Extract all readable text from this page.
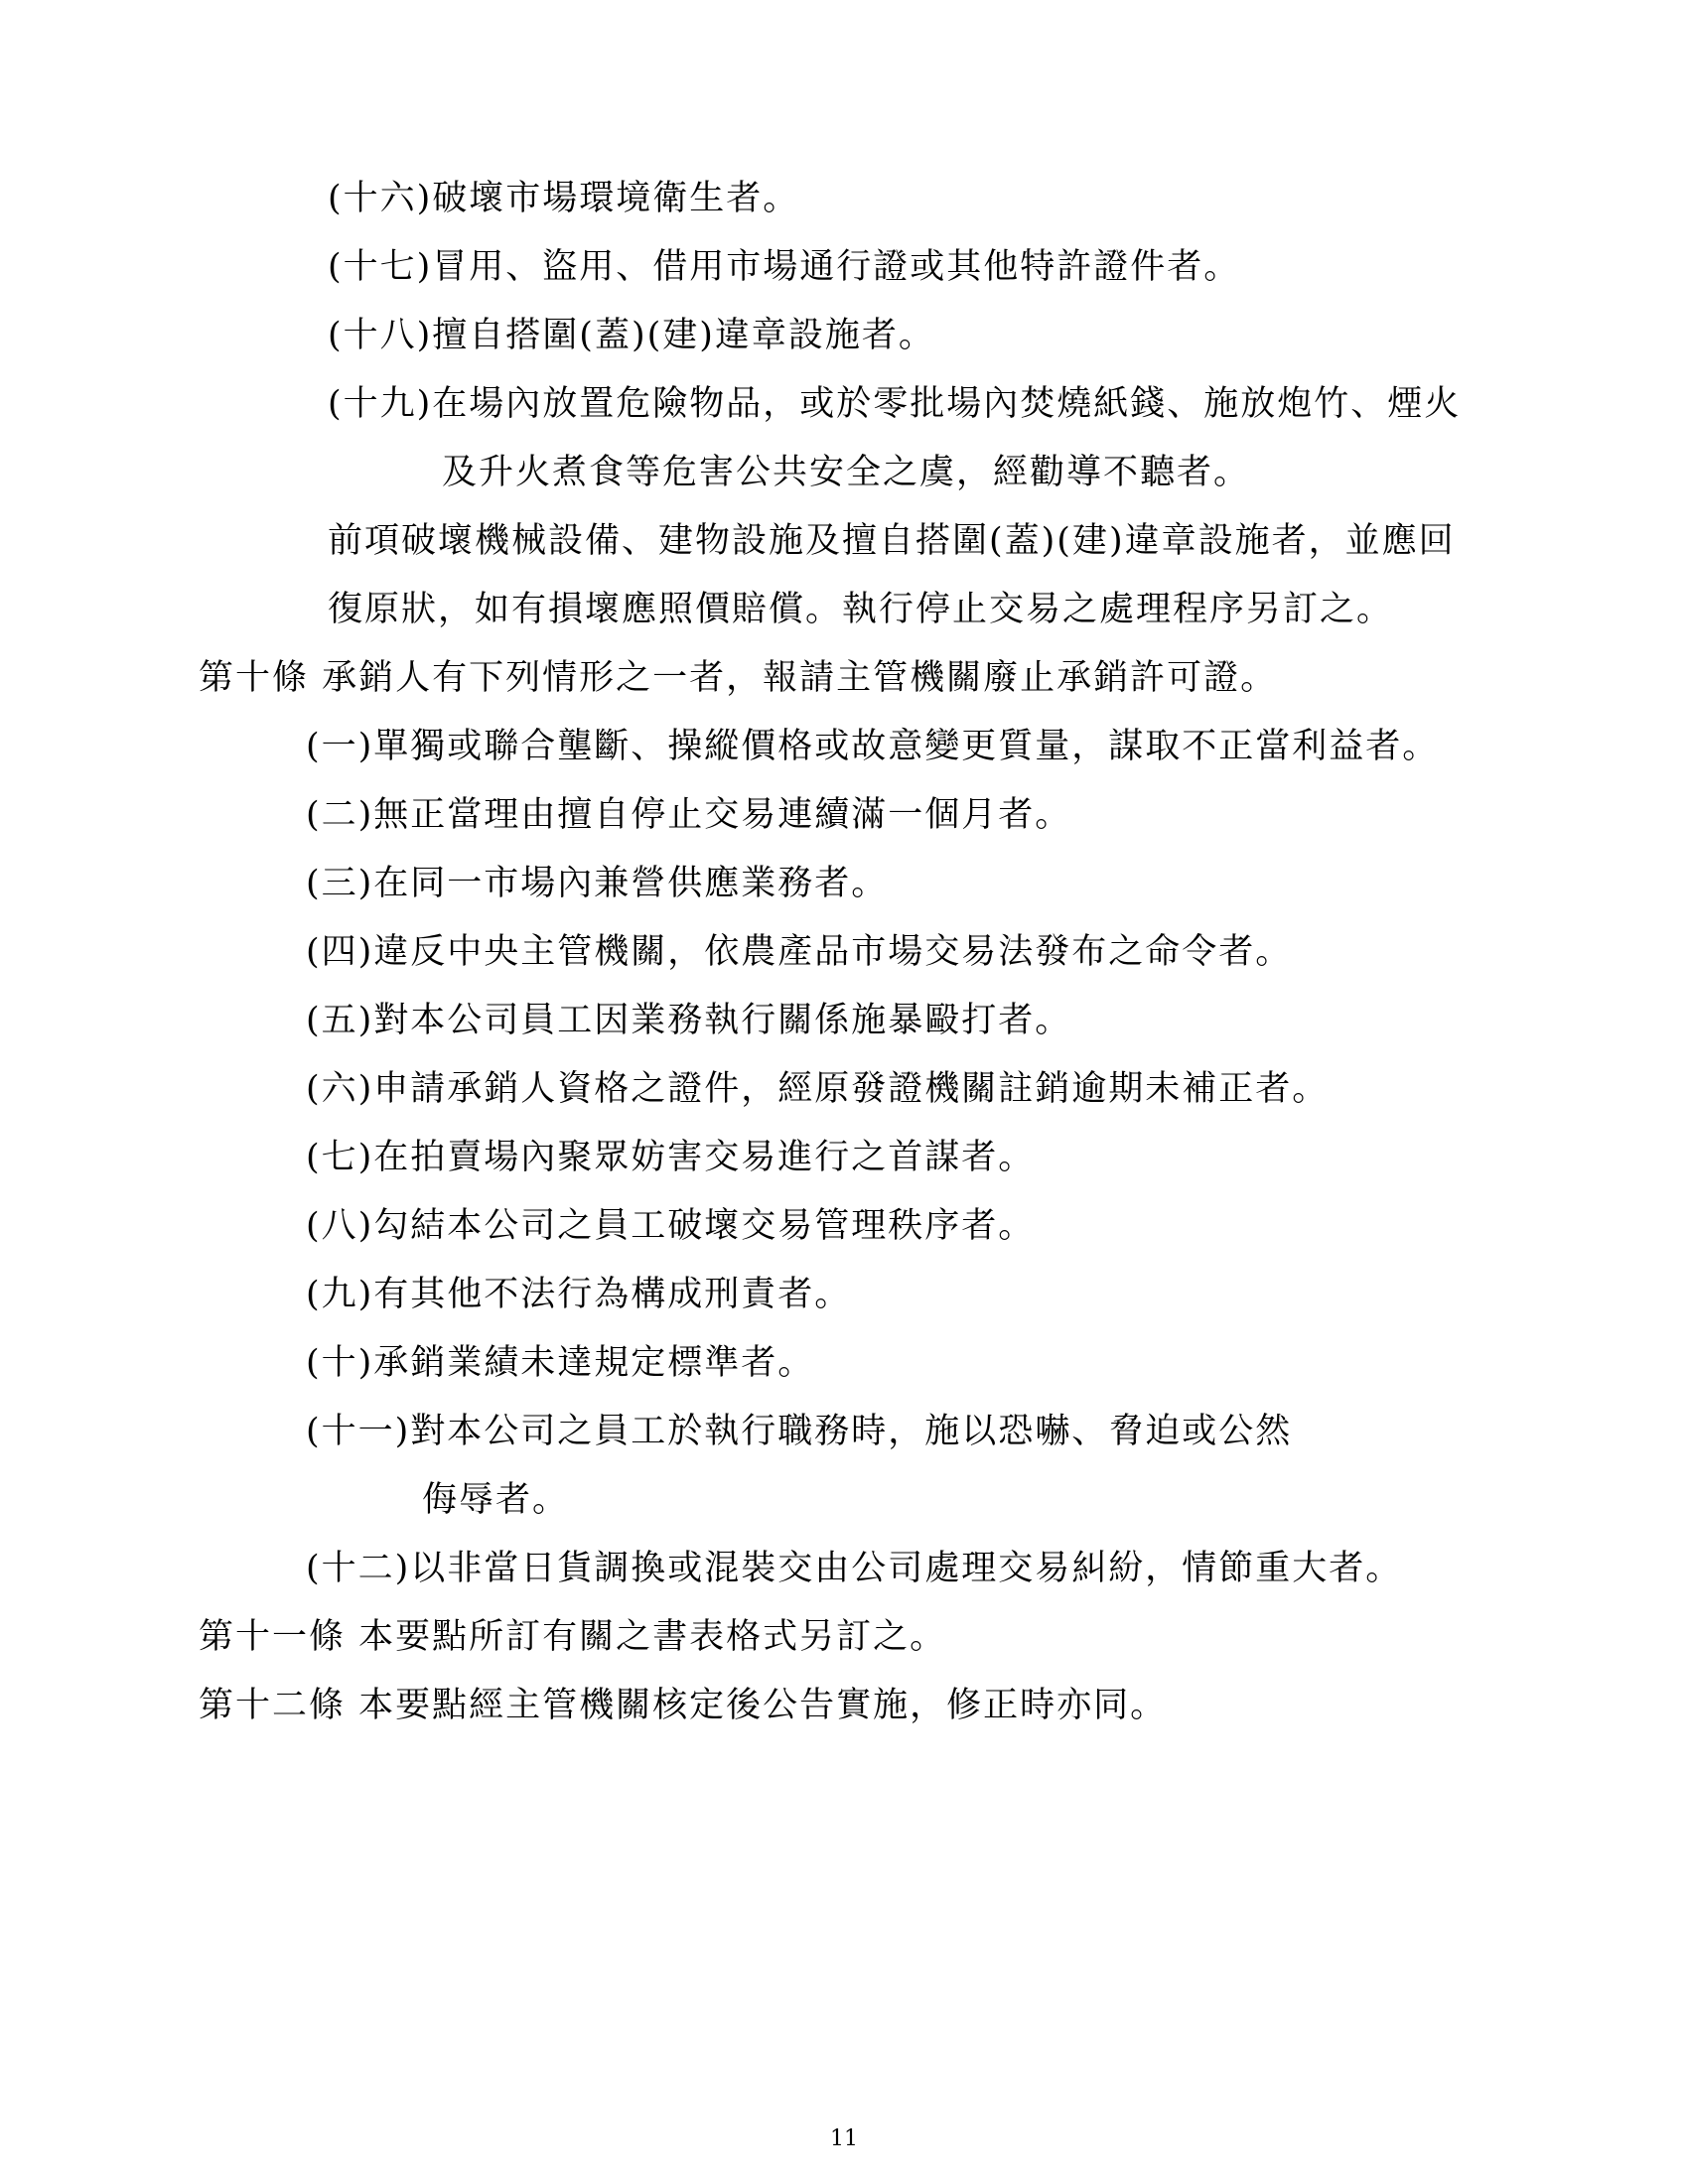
(十六)破壞市場環境衛生者。
(十七)冒用、盜用、借用市場通行證或其他特許證件者。
(十八)擅自搭圍(蓋)(建)違章設施者。
(十九)在場內放置危險物品，或於零批場內焚燒紙錢、施放炮竹、煙火
及升火煮食等危害公共安全之虞，經勸導不聽者。
前項破壞機械設備、建物設施及擅自搭圍(蓋)(建)違章設施者，並應回
復原狀，如有損壞應照價賠償。執行停止交易之處理程序另訂之。
第十條 承銷人有下列情形之一者，報請主管機關廢止承銷許可證。
(一)單獨或聯合壟斷、操縱價格或故意變更質量，謀取不正當利益者。
(二)無正當理由擅自停止交易連續滿一個月者。
(三)在同一市場內兼營供應業務者。
(四)違反中央主管機關，依農產品市場交易法發布之命令者。
(五)對本公司員工因業務執行關係施暴毆打者。
(六)申請承銷人資格之證件，經原發證機關註銷逾期未補正者。
(七)在拍賣場內聚眾妨害交易進行之首謀者。
(八)勾結本公司之員工破壞交易管理秩序者。
(九)有其他不法行為構成刑責者。
(十)承銷業績未達規定標準者。
(十一)對本公司之員工於執行職務時，施以恐嚇、脅迫或公然
侮辱者。
(十二)以非當日貨調換或混裝交由公司處理交易糾紛，情節重大者。
第十一條 本要點所訂有關之書表格式另訂之。
第十二條 本要點經主管機關核定後公告實施，修正時亦同。
11
